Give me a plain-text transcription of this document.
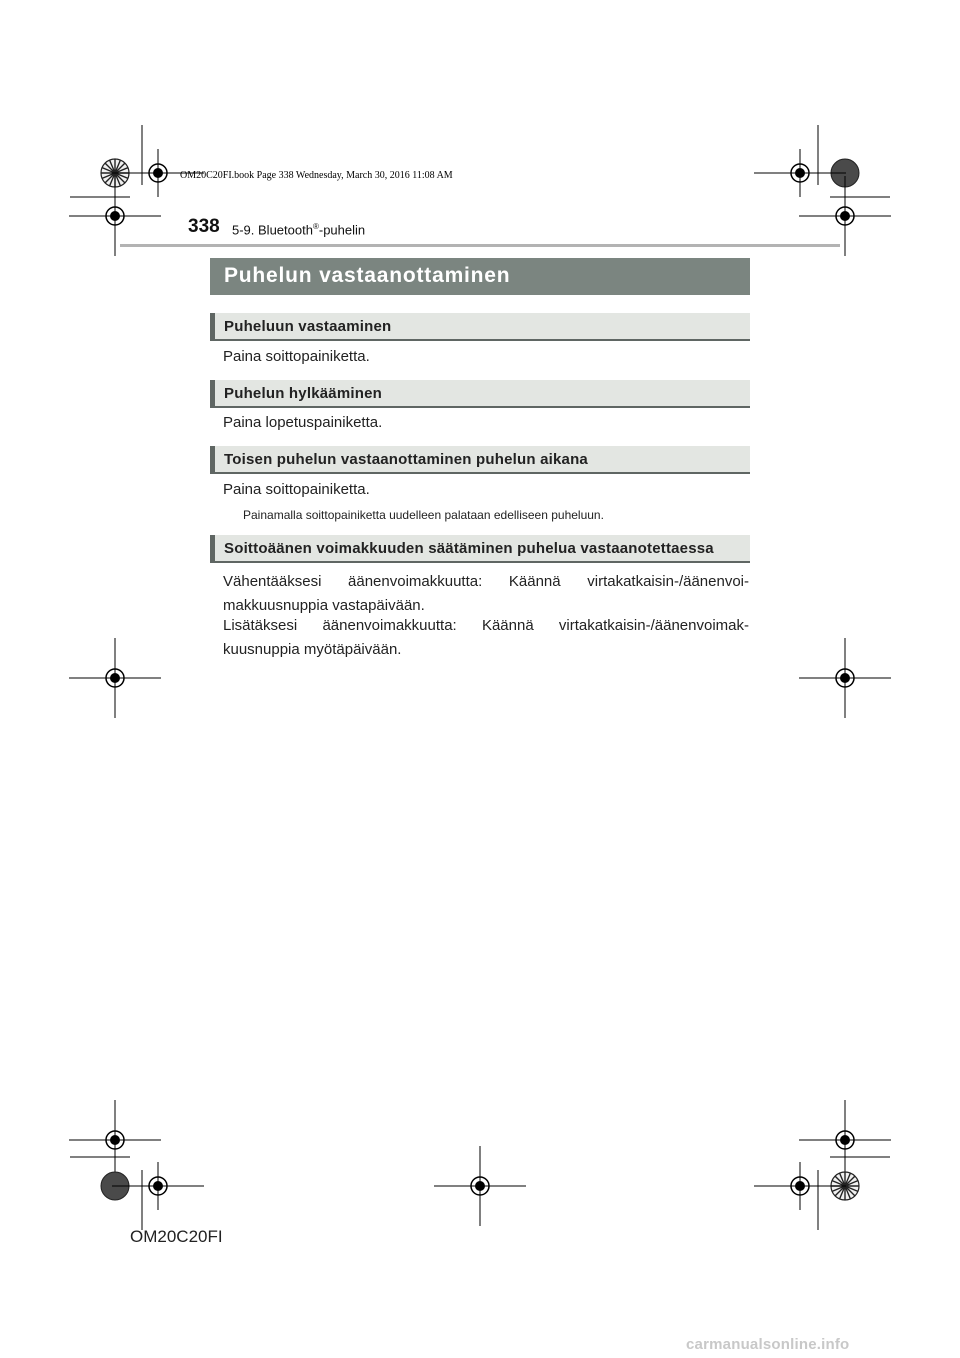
OM20C20FI.book Page 338 Wednesday, March 30, 2016 11:08 AM
338 5-9. Bluetooth®-puhelin
Puhelun vastaanottaminen
Puheluun vastaaminen
Paina soittopainiketta.
Puhelun hylkääminen
Paina lopetuspainiketta.
Toisen puhelun vastaanottaminen puhelun aikana
Paina soittopainiketta.
Painamalla soittopainiketta uudelleen palataan edelliseen puheluun.
Soittoäänen voimakkuuden säätäminen puhelua vastaanotettaessa
Vähentääksesi äänenvoimakkuutta: Käännä virtakatkaisin-/äänenvoi-makkuusnuppia vastapäivään.
Lisätäksesi äänenvoimakkuutta: Käännä virtakatkaisin-/äänenvoimak-kuusnuppia myötäpäivään.
OM20C20FI
carmanualsonline.info
